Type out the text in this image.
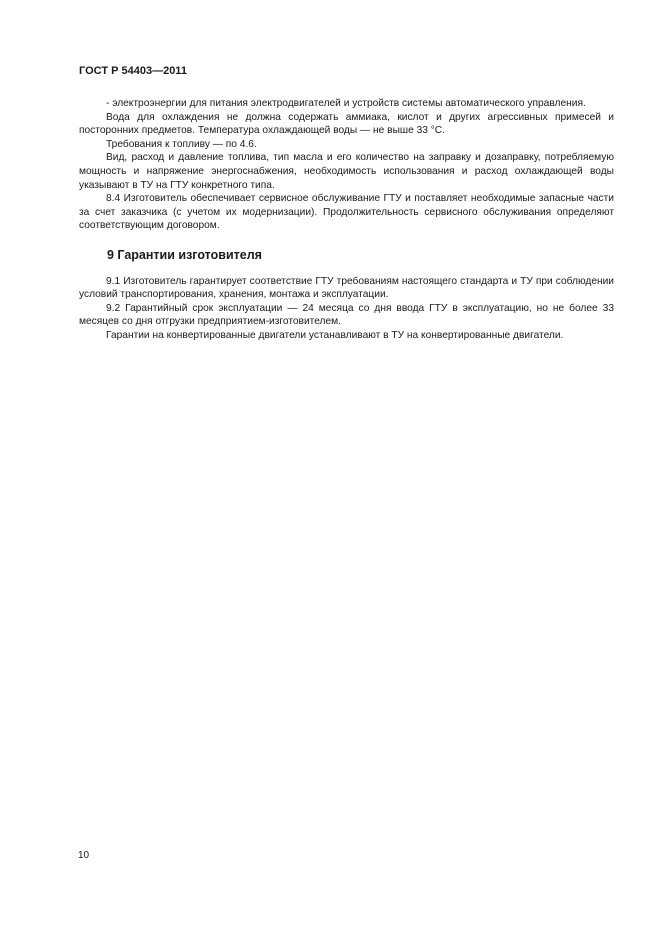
ГОСТ Р 54403—2011

- электроэнергии для питания электродвигателей и устройств системы автоматического управления.

Вода для охлаждения не должна содержать аммиака, кислот и других агрессивных примесей и посторонних предметов. Температура охлаждающей воды — не выше 33 °С.

Требования к топливу — по 4.6.

Вид, расход и давление топлива, тип масла и его количество на заправку и дозаправку, потребляемую мощность и напряжение энергоснабжения, необходимость использования и расход охлаждающей воды указывают в ТУ на ГТУ конкретного типа.

8.4 Изготовитель обеспечивает сервисное обслуживание ГТУ и поставляет необходимые запасные части за счет заказчика (с учетом их модернизации). Продолжительность сервисного обслуживания определяют соответствующим договором.

9 Гарантии изготовителя

9.1 Изготовитель гарантирует соответствие ГТУ требованиям настоящего стандарта и ТУ при соблюдении условий транспортирования, хранения, монтажа и эксплуатации.

9.2 Гарантийный срок эксплуатации — 24 месяца со дня ввода ГТУ в эксплуатацию, но не более 33 месяцев со дня отгрузки предприятием-изготовителем.

Гарантии на конвертированные двигатели устанавливают в ТУ на конвертированные двигатели.

10
